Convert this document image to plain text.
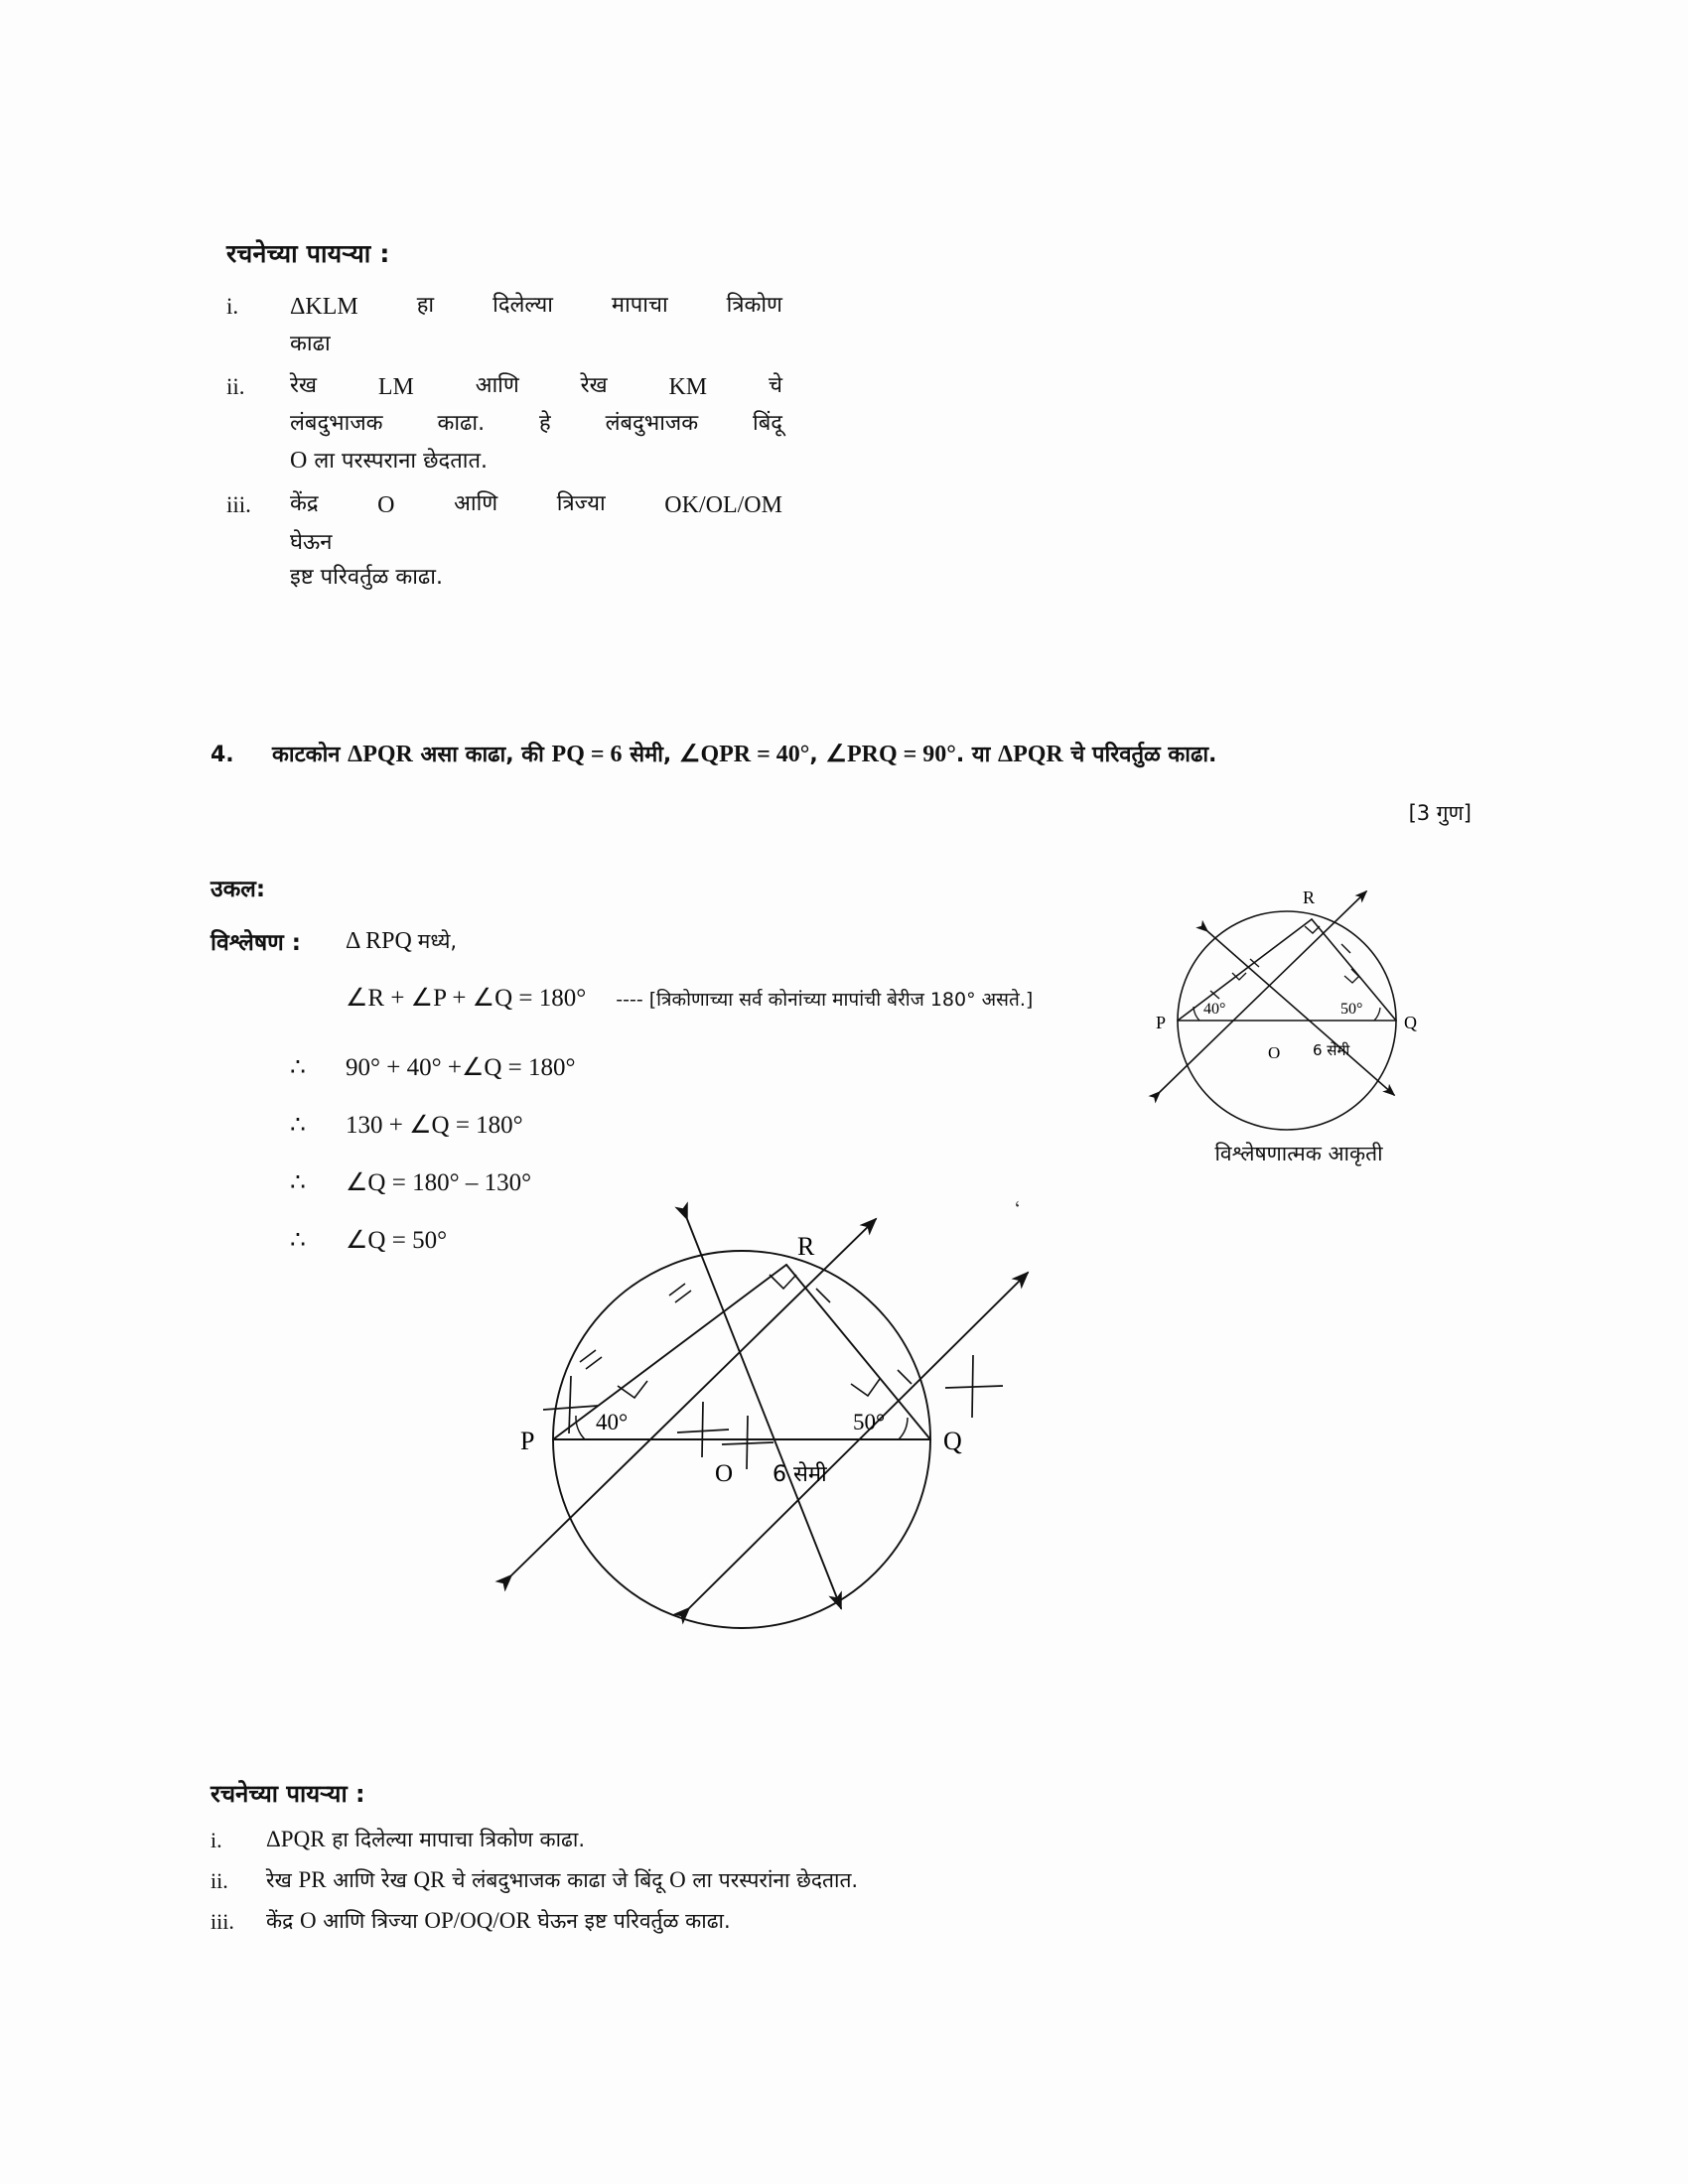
रचनेच्या पायऱ्या :
i.	ΔKLM	हा	दिलेल्या	मापाचा	त्रिकोण
काढा
ii.	रेख	LM	आणि	रेख	KM	चे
लंबदुभाजक काढा. हे लंबदुभाजक बिंदू
O ला परस्पराना छेदतात.
iii.	केंद्र O	आणि	त्रिज्या OK/OL/OM
घेऊन
इष्ट परिवर्तुळ काढा.
4.	काटकोन ΔPQR असा काढा, की PQ = 6 सेमी, ∠QPR = 40°, ∠PRQ = 90°. या ΔPQR चे परिवर्तुळ काढा.
[3 गुण]
उकल:
विश्लेषण : Δ RPQ मध्ये,
∠R + ∠P + ∠Q = 180° ---- [त्रिकोणाच्या सर्व कोनांच्या मापांची बेरीज 180° असते.]
∴	90° + 40° +∠Q = 180°
∴	130 + ∠Q = 180°
∴	∠Q = 180° – 130°
∴	∠Q = 50°
P	Q
R
O
40°	50°
6 सेमी
विश्लेषणात्मक आकृती
ʻ
P	Q
R
O
40°	50°
6 सेमी
रचनेच्या पायऱ्या :
i.	ΔPQR हा दिलेल्या मापाचा त्रिकोण काढा.
ii.	रेख PR आणि रेख QR चे लंबदुभाजक काढा जे बिंदू O ला परस्परांना छेदतात.
iii.	केंद्र O आणि त्रिज्या OP/OQ/OR घेऊन इष्ट परिवर्तुळ काढा.
